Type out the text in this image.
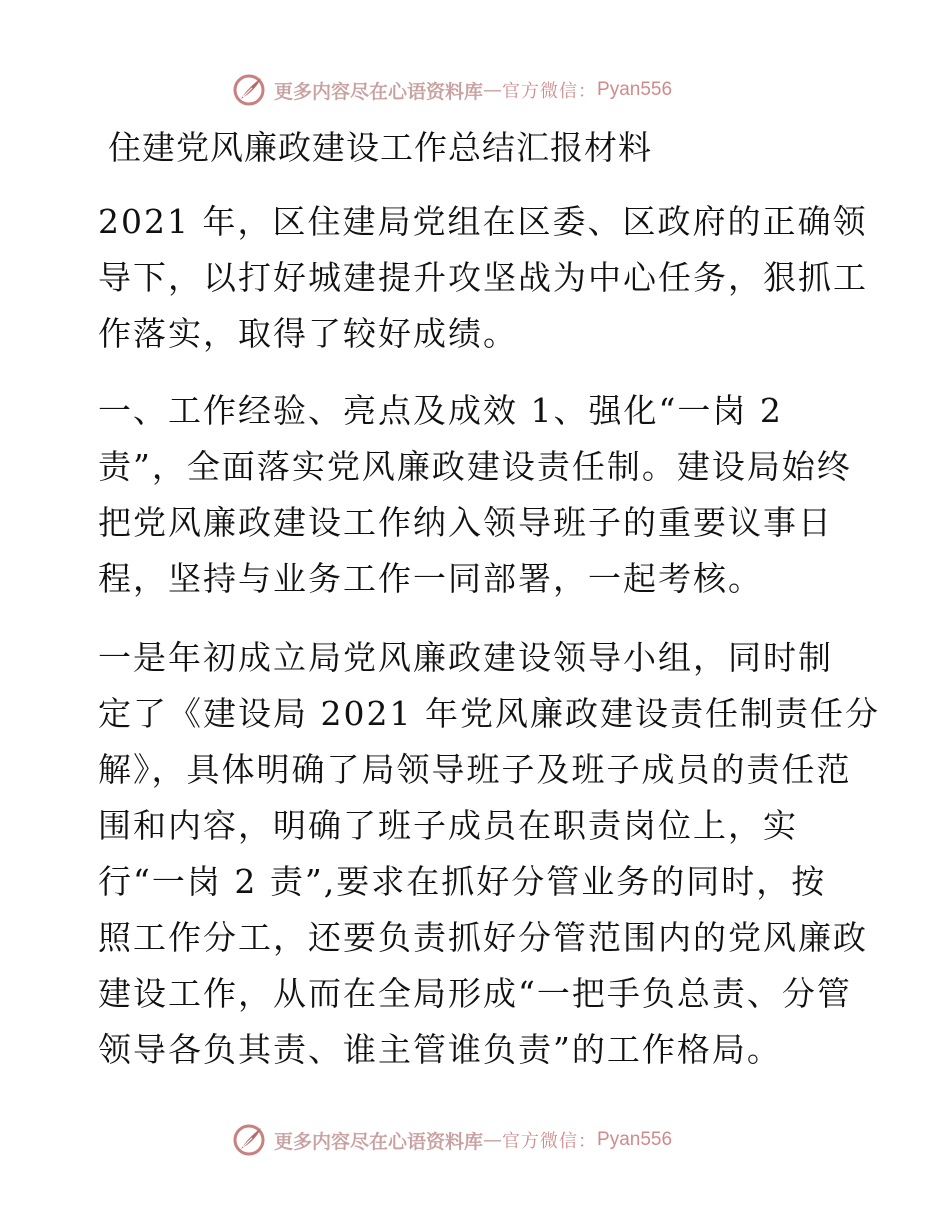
更多内容尽在心语资料库 — 官方微信： Pyan556
住建党风廉政建设工作总结汇报材料
2021 年，区住建局党组在区委、区政府的正确领
导下，以打好城建提升攻坚战为中心任务，狠抓工
作落实，取得了较好成绩。
一、工作经验、亮点及成效 1、强化“一岗 2
责”，全面落实党风廉政建设责任制。建设局始终
把党风廉政建设工作纳入领导班子的重要议事日
程，坚持与业务工作一同部署，一起考核。
一是年初成立局党风廉政建设领导小组，同时制
定了《建设局 2021 年党风廉政建设责任制责任分
解》，具体明确了局领导班子及班子成员的责任范
围和内容，明确了班子成员在职责岗位上，实
行“一岗 2 责”,要求在抓好分管业务的同时，按
照工作分工，还要负责抓好分管范围内的党风廉政
建设工作，从而在全局形成“一把手负总责、分管
领导各负其责、谁主管谁负责”的工作格局。
更多内容尽在心语资料库 — 官方微信： Pyan556
